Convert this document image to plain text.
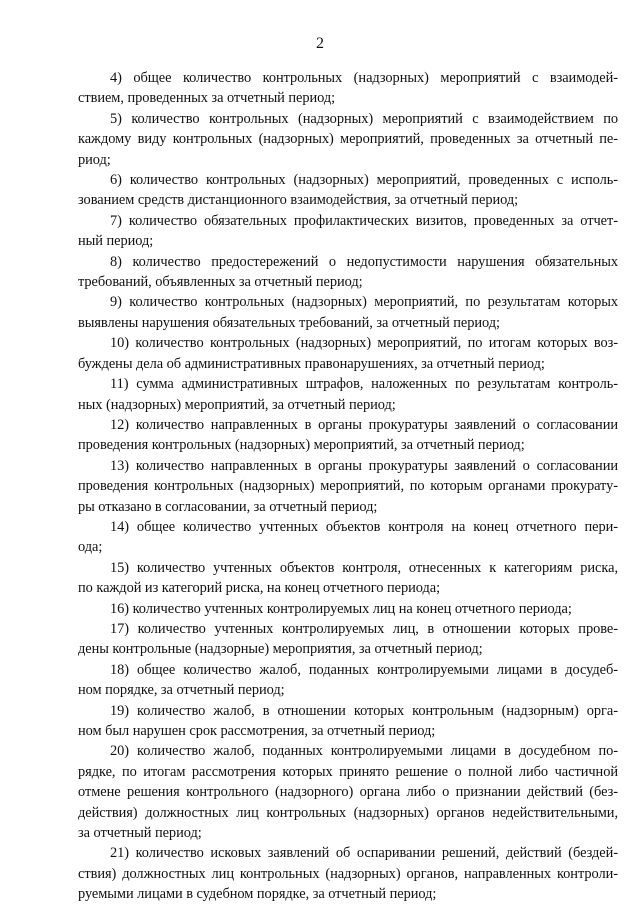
2
4) общее количество контрольных (надзорных) мероприятий с взаимодей-
ствием, проведенных за отчетный период;
5) количество контрольных (надзорных) мероприятий с взаимодействием по
каждому виду контрольных (надзорных) мероприятий, проведенных за отчетный пе-
риод;
6) количество контрольных (надзорных) мероприятий, проведенных с исполь-
зованием средств дистанционного взаимодействия, за отчетный период;
7) количество обязательных профилактических визитов, проведенных за отчет-
ный период;
8) количество предостережений о недопустимости нарушения обязательных
требований, объявленных за отчетный период;
9) количество контрольных (надзорных) мероприятий, по результатам которых
выявлены нарушения обязательных требований, за отчетный период;
10) количество контрольных (надзорных) мероприятий, по итогам которых воз-
буждены дела об административных правонарушениях, за отчетный период;
11) сумма административных штрафов, наложенных по результатам контроль-
ных (надзорных) мероприятий, за отчетный период;
12) количество направленных в органы прокуратуры заявлений о согласовании
проведения контрольных (надзорных) мероприятий, за отчетный период;
13) количество направленных в органы прокуратуры заявлений о согласовании
проведения контрольных (надзорных) мероприятий, по которым органами прокурату-
ры отказано в согласовании, за отчетный период;
14) общее количество учтенных объектов контроля на конец отчетного пери-
ода;
15) количество учтенных объектов контроля, отнесенных к категориям риска,
по каждой из категорий риска, на конец отчетного периода;
16) количество учтенных контролируемых лиц на конец отчетного периода;
17) количество учтенных контролируемых лиц, в отношении которых прове-
дены контрольные (надзорные) мероприятия, за отчетный период;
18) общее количество жалоб, поданных контролируемыми лицами в досудеб-
ном порядке, за отчетный период;
19) количество жалоб, в отношении которых контрольным (надзорным) орга-
ном был нарушен срок рассмотрения, за отчетный период;
20) количество жалоб, поданных контролируемыми лицами в досудебном по-
рядке, по итогам рассмотрения которых принято решение о полной либо частичной
отмене решения контрольного (надзорного) органа либо о признании действий (без-
действия) должностных лиц контрольных (надзорных) органов недействительными,
за отчетный период;
21) количество исковых заявлений об оспаривании решений, действий (бездей-
ствия) должностных лиц контрольных (надзорных) органов, направленных контроли-
руемыми лицами в судебном порядке, за отчетный период;
